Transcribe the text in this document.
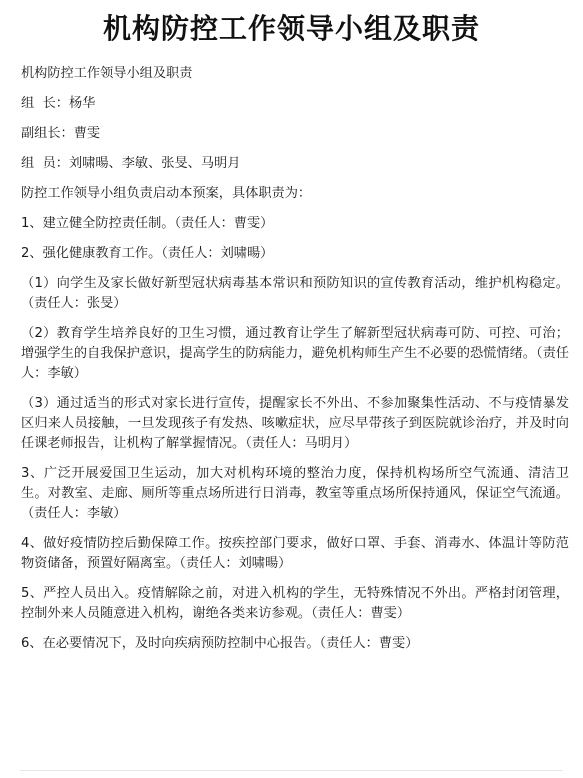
机构防控工作领导小组及职责
机构防控工作领导小组及职责
组  长：杨华
副组长：曹雯
组  员：刘啸暘、李敏、张旻、马明月
防控工作领导小组负责启动本预案，具体职责为：
1、建立健全防控责任制。（责任人：曹雯）
2、强化健康教育工作。（责任人：刘啸暘）
（1）向学生及家长做好新型冠状病毒基本常识和预防知识的宣传教育活动，维护机构稳定。（责任人：张旻）
（2）教育学生培养良好的卫生习惯，通过教育让学生了解新型冠状病毒可防、可控、可治；增强学生的自我保护意识，提高学生的防病能力，避免机构师生产生不必要的恐慌情绪。（责任人：李敏）
（3）通过适当的形式对家长进行宣传，提醒家长不外出、不参加聚集性活动、不与疫情暴发区归来人员接触，一旦发现孩子有发热、咳嗽症状，应尽早带孩子到医院就诊治疗，并及时向任课老师报告，让机构了解掌握情况。（责任人：马明月）
3、广泛开展爱国卫生运动，加大对机构环境的整治力度，保持机构场所空气流通、清洁卫生。对教室、走廊、厕所等重点场所进行日消毒，教室等重点场所保持通风，保证空气流通。（责任人：李敏）
4、做好疫情防控后勤保障工作。按疾控部门要求，做好口罩、手套、消毒水、体温计等防范物资储备，预置好隔离室。（责任人：刘啸暘）
5、严控人员出入。疫情解除之前，对进入机构的学生，无特殊情况不外出。严格封闭管理，控制外来人员随意进入机构，谢绝各类来访参观。（责任人：曹雯）
6、在必要情况下，及时向疾病预防控制中心报告。（责任人：曹雯）
